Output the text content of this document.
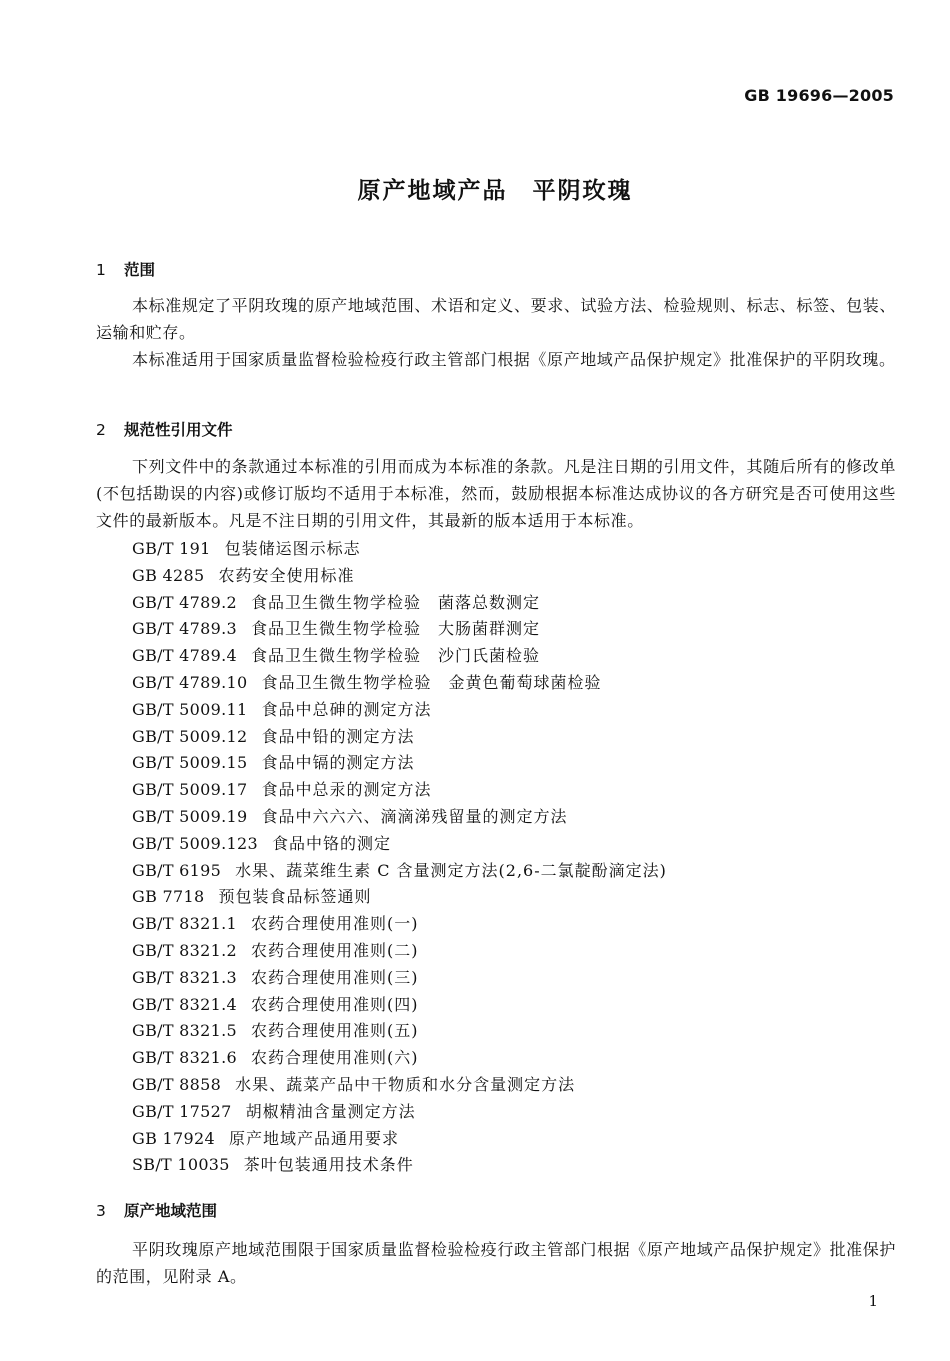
GB 19696—2005
原产地域产品　平阴玫瑰
1 范围
本标准规定了平阴玫瑰的原产地域范围、术语和定义、要求、试验方法、检验规则、标志、标签、包装、运输和贮存。
本标准适用于国家质量监督检验检疫行政主管部门根据《原产地域产品保护规定》批准保护的平阴玫瑰。
2 规范性引用文件
下列文件中的条款通过本标准的引用而成为本标准的条款。凡是注日期的引用文件，其随后所有的修改单(不包括勘误的内容)或修订版均不适用于本标准，然而，鼓励根据本标准达成协议的各方研究是否可使用这些文件的最新版本。凡是不注日期的引用文件，其最新的版本适用于本标准。
GB/T 191 包装储运图示标志
GB 4285 农药安全使用标准
GB/T 4789.2 食品卫生微生物学检验　菌落总数测定
GB/T 4789.3 食品卫生微生物学检验　大肠菌群测定
GB/T 4789.4 食品卫生微生物学检验　沙门氏菌检验
GB/T 4789.10 食品卫生微生物学检验　金黄色葡萄球菌检验
GB/T 5009.11 食品中总砷的测定方法
GB/T 5009.12 食品中铅的测定方法
GB/T 5009.15 食品中镉的测定方法
GB/T 5009.17 食品中总汞的测定方法
GB/T 5009.19 食品中六六六、滴滴涕残留量的测定方法
GB/T 5009.123 食品中铬的测定
GB/T 6195 水果、蔬菜维生素 C 含量测定方法(2,6-二氯靛酚滴定法)
GB 7718 预包装食品标签通则
GB/T 8321.1 农药合理使用准则(一)
GB/T 8321.2 农药合理使用准则(二)
GB/T 8321.3 农药合理使用准则(三)
GB/T 8321.4 农药合理使用准则(四)
GB/T 8321.5 农药合理使用准则(五)
GB/T 8321.6 农药合理使用准则(六)
GB/T 8858 水果、蔬菜产品中干物质和水分含量测定方法
GB/T 17527 胡椒精油含量测定方法
GB 17924 原产地域产品通用要求
SB/T 10035 茶叶包装通用技术条件
3 原产地域范围
平阴玫瑰原产地域范围限于国家质量监督检验检疫行政主管部门根据《原产地域产品保护规定》批准保护的范围，见附录 A。
1
